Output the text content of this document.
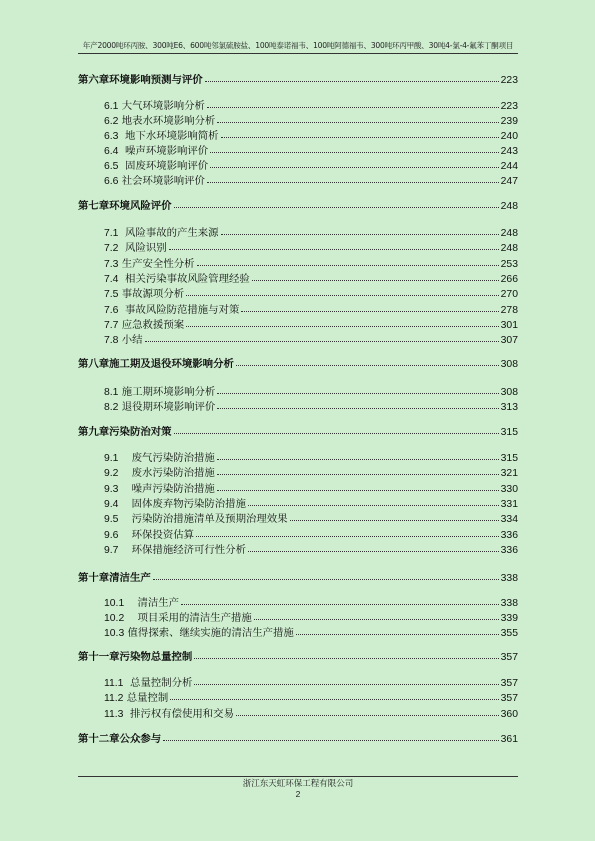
年产2000吨环丙胺、300吨E6、600吨邻氯硫胺盐、100吨泰诺福韦、100吨阿德福韦、300吨环丙甲酸、30吨4-氯-4-氟苯丁酮项目
第六章环境影响预测与评价	223
6.1 大气环境影响分析	223
6.2 地表水环境影响分析	239
6.3 地下水环境影响简析	240
6.4 噪声环境影响评价	243
6.5 固废环境影响评价	244
6.6 社会环境影响评价	247
第七章环境风险评价	248
7.1 风险事故的产生来源	248
7.2 风险识别	248
7.3 生产安全性分析	253
7.4 相关污染事故风险管理经验	266
7.5 事故源项分析	270
7.6 事故风险防范措施与对策	278
7.7 应急救援预案	301
7.8 小结	307
第八章施工期及退役环境影响分析	308
8.1 施工期环境影响分析	308
8.2 退役期环境影响评价	313
第九章污染防治对策	315
9.1 废气污染防治措施	315
9.2 废水污染防治措施	321
9.3 噪声污染防治措施	330
9.4 固体废弃物污染防治措施	331
9.5 污染防治措施清单及预期治理效果	334
9.6 环保投资估算	336
9.7 环保措施经济可行性分析	336
第十章清洁生产	338
10.1 清洁生产	338
10.2 项目采用的清洁生产措施	339
10.3 值得探索、继续实施的清洁生产措施	355
第十一章污染物总量控制	357
11.1 总量控制分析	357
11.2 总量控制	357
11.3 排污权有偿使用和交易	360
第十二章公众参与	361
浙江东天虹环保工程有限公司
2
